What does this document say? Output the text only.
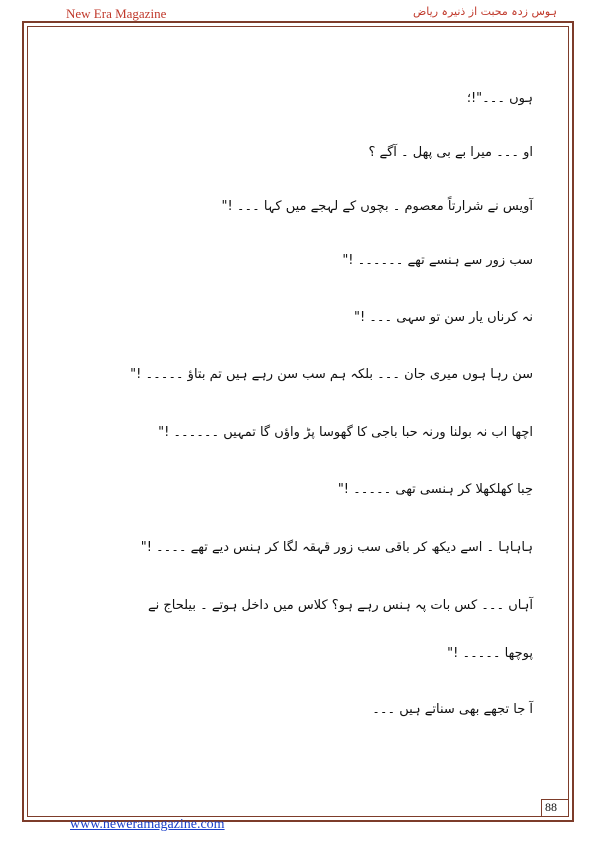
New Era Magazine	ہوس زدہ محبت از ذنیرہ ریاض
ہوں ۔۔۔"!؛
او ۔۔۔ میرا بے بی پھل ۔ آگے ؟
آویس نے شرارتاً معصوم ۔ بچوں کے لہجے میں کہا ۔۔۔ !"
سب زور سے ہنسے تھے ۔۔۔۔۔۔ !"
نہ کرناں یار سن تو سہی ۔۔۔ !"
سن رہا ہوں میری جان ۔۔۔ بلکہ ہم سب سن رہے ہیں تم بتاؤ ۔۔۔۔۔ !"
اچھا اب نہ بولنا ورنہ حبا باجی کا گھوسا پڑ واؤں گا تمہیں ۔۔۔۔۔۔ !"
حِبا کھلکھلا کر ہنسی تھی ۔۔۔۔۔ !"
ہاہاہا ۔ اسے دیکھ کر باقی سب زور قہقہ لگا کر ہنس دیے تھے ۔۔۔۔ !"
آہاں ۔۔۔ کس بات پہ ہنس رہے ہو؟ کلاس میں داخل ہوتے ۔ بیلحاج نے
پوچھا ۔۔۔۔۔ !"
آ جا تجھے بھی سناتے ہیں ۔۔۔
88
www.neweramagazine.com
